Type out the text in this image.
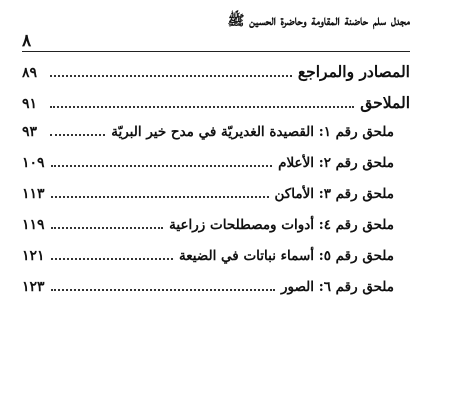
مجدل سلم حاضنة المقاومة وحاضرة الحسين ﷺ
٨
المصادر والمراجع
٨٩
الملاحق
٩١
ملحق رقم ١: القصيدة الغديريّة في مدح خير البريّة
٩٣
ملحق رقم ٢: الأعلام
١٠٩
ملحق رقم ٣: الأماكن
١١٣
ملحق رقم ٤: أدوات ومصطلحات زراعية
١١٩
ملحق رقم ٥: أسماء نباتات في الضيعة
١٢١
ملحق رقم ٦: الصور
١٢٣
